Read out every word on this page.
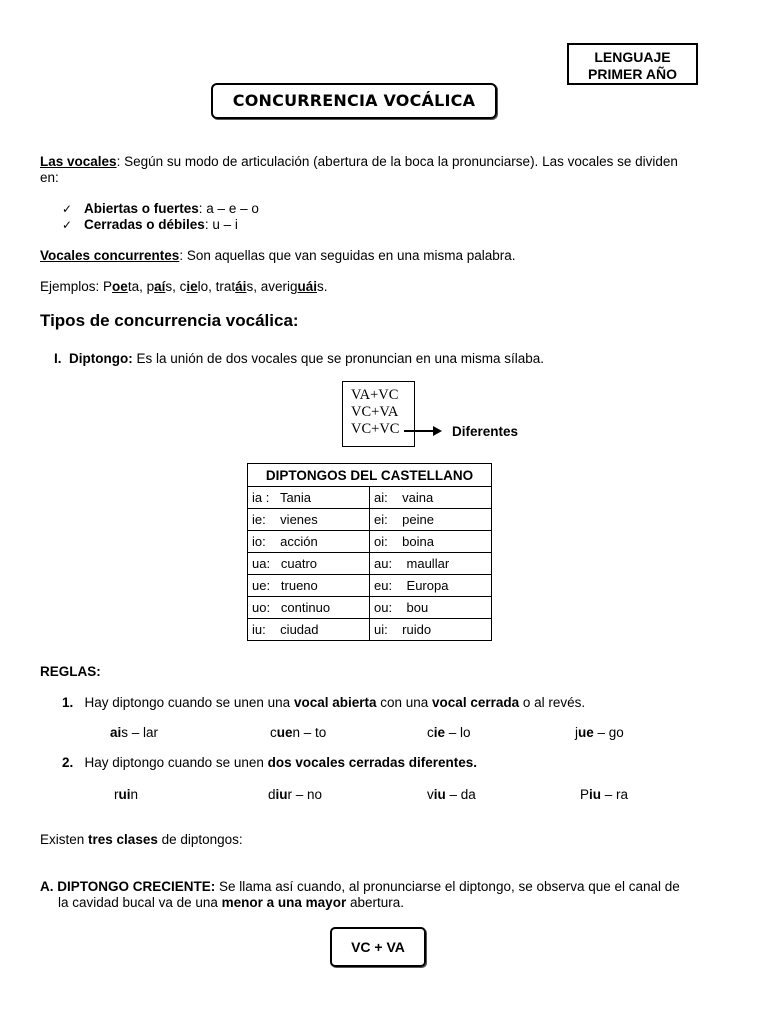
LENGUAJE
PRIMER AÑO
CONCURRENCIA VOCÁLICA
Las vocales: Según su modo de articulación (abertura de la boca la pronunciarse). Las vocales se dividen
en:
✓ Abiertas o fuertes: a – e – o
✓ Cerradas o débiles: u – i
Vocales concurrentes: Son aquellas que van seguidas en una misma palabra.
Ejemplos: Poeta, país, cielo, tratáis, averiguáis.
Tipos de concurrencia vocálica:
I. Diptongo: Es la unión de dos vocales que se pronuncian en una misma sílaba.
VA+VC
VC+VA
VC+VC	Diferentes
DIPTONGOS DEL CASTELLANO	
ia :   Tania	ai:    vaina
ie:    vienes	ei:    peine
io:    acción	oi:    boina
ua:   cuatro	au:    maullar
ue:   trueno	eu:    Europa
uo:   continuo	ou:    bou
iu:    ciudad	ui:    ruido
REGLAS:
1. Hay diptongo cuando se unen una vocal abierta con una vocal cerrada o al revés.
ais – lar	cuen – to	cie – lo	jue – go
2. Hay diptongo cuando se unen dos vocales cerradas diferentes.
ruin	diur – no	viu – da	Piu – ra
Existen tres clases de diptongos:
A. DIPTONGO CRECIENTE: Se llama así cuando, al pronunciarse el diptongo, se observa que el canal de
la cavidad bucal va de una menor a una mayor abertura.
VC + VA
